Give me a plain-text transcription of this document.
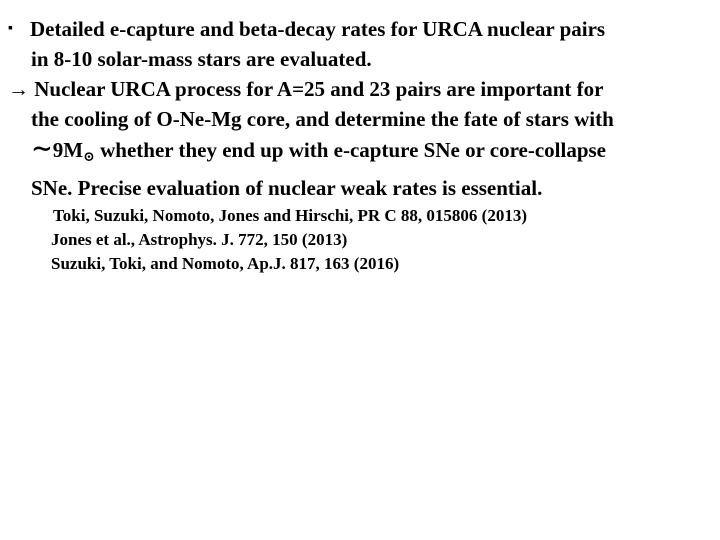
▪ Detailed e-capture and beta-decay rates for URCA nuclear pairs
in 8-10 solar-mass stars are evaluated.
→ Nuclear URCA process for A=25 and 23 pairs are important for
the cooling of O-Ne-Mg core, and determine the fate of stars with
∼9M⊙ whether they end up with e-capture SNe or core-collapse
SNe. Precise evaluation of nuclear weak rates is essential.
Toki, Suzuki, Nomoto, Jones and Hirschi, PR C 88, 015806 (2013)
Jones et al., Astrophys. J. 772, 150 (2013)
Suzuki, Toki, and Nomoto, Ap.J. 817, 163 (2016)
